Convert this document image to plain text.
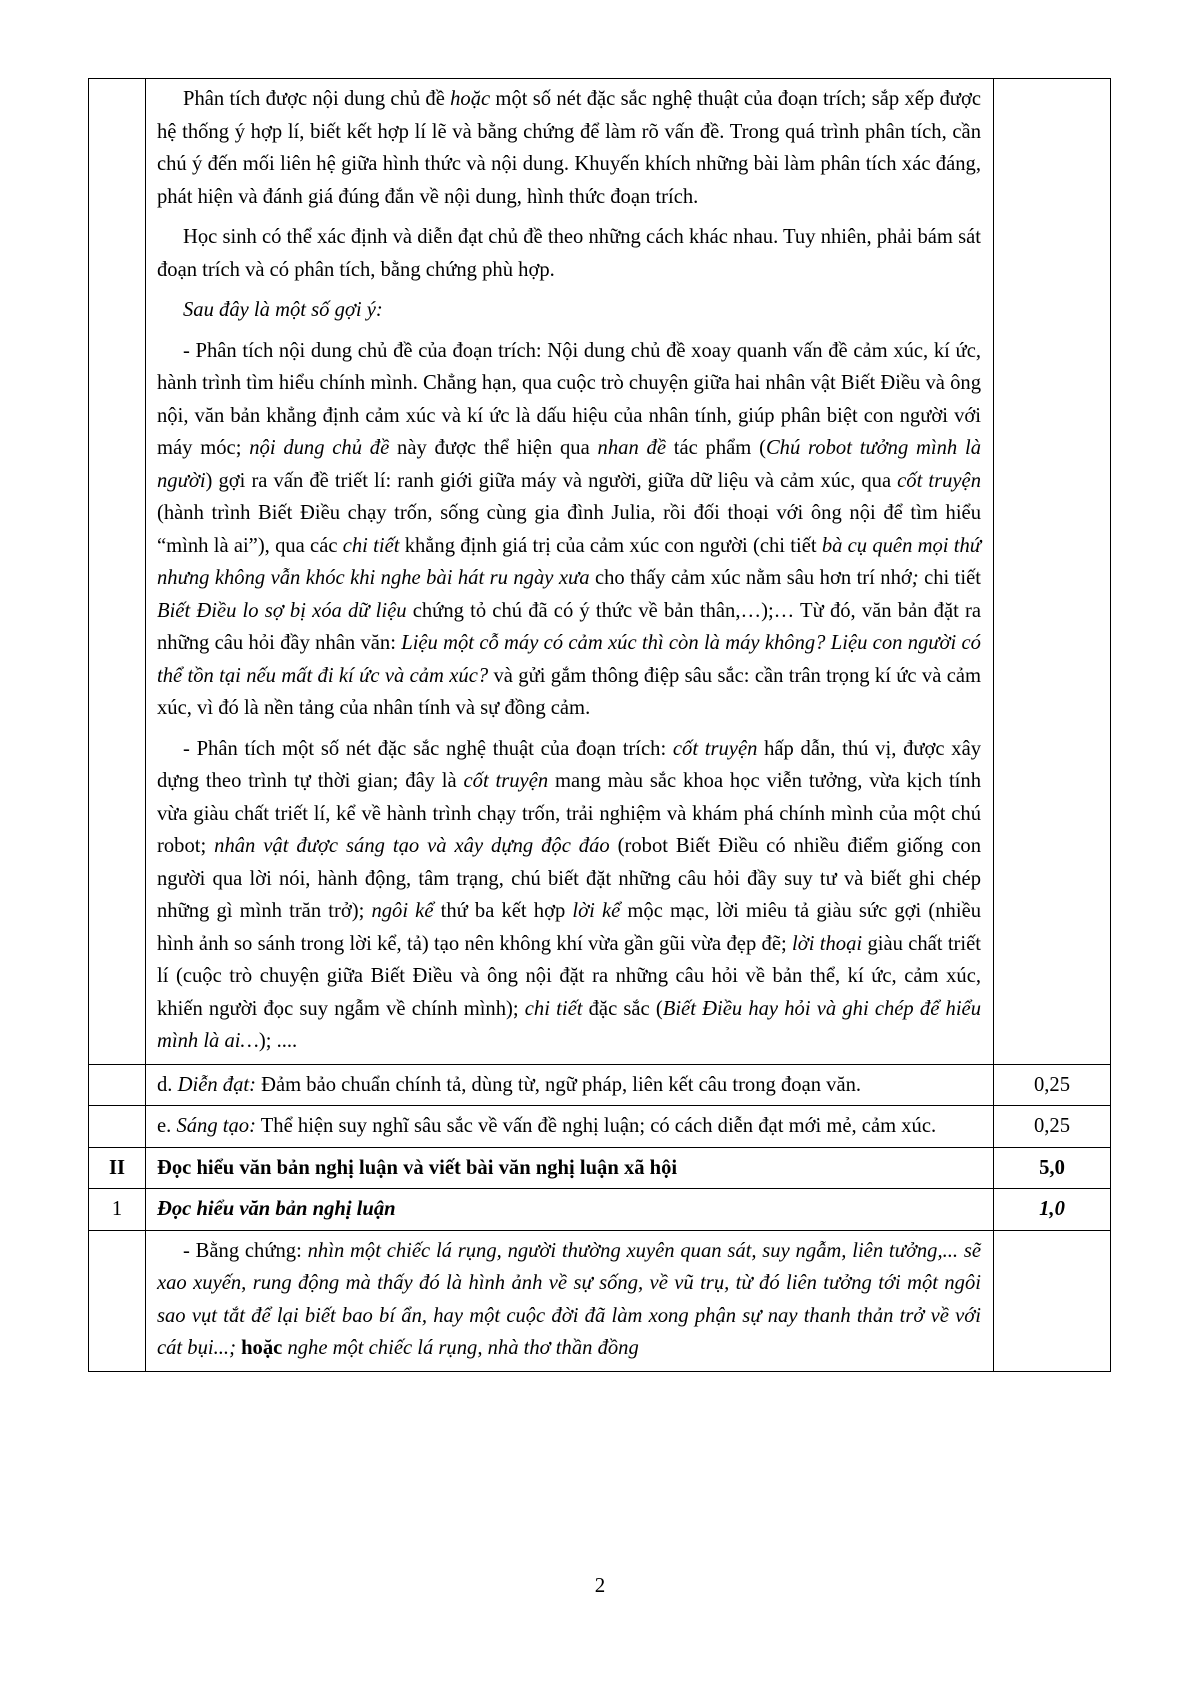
	Phân tích được nội dung chủ đề hoặc một số nét đặc sắc nghệ thuật của đoạn trích; sắp xếp được hệ thống ý hợp lí, biết kết hợp lí lẽ và bằng chứng để làm rõ vấn đề. Trong quá trình phân tích, cần chú ý đến mối liên hệ giữa hình thức và nội dung. Khuyến khích những bài làm phân tích xác đáng, phát hiện và đánh giá đúng đắn về nội dung, hình thức đoạn trích.

Học sinh có thể xác định và diễn đạt chủ đề theo những cách khác nhau. Tuy nhiên, phải bám sát đoạn trích và có phân tích, bằng chứng phù hợp.

Sau đây là một số gợi ý:

- Phân tích nội dung chủ đề của đoạn trích: Nội dung chủ đề xoay quanh vấn đề cảm xúc, kí ức, hành trình tìm hiểu chính mình. Chẳng hạn, qua cuộc trò chuyện giữa hai nhân vật Biết Điều và ông nội, văn bản khẳng định cảm xúc và kí ức là dấu hiệu của nhân tính, giúp phân biệt con người với máy móc; nội dung chủ đề này được thể hiện qua nhan đề tác phẩm (Chú robot tưởng mình là người) gợi ra vấn đề triết lí: ranh giới giữa máy và người, giữa dữ liệu và cảm xúc, qua cốt truyện (hành trình Biết Điều chạy trốn, sống cùng gia đình Julia, rồi đối thoại với ông nội để tìm hiểu “mình là ai”), qua các chi tiết khẳng định giá trị của cảm xúc con người (chi tiết bà cụ quên mọi thứ nhưng không vẫn khóc khi nghe bài hát ru ngày xưa cho thấy cảm xúc nằm sâu hơn trí nhớ; chi tiết Biết Điều lo sợ bị xóa dữ liệu chứng tỏ chú đã có ý thức về bản thân,…);… Từ đó, văn bản đặt ra những câu hỏi đầy nhân văn: Liệu một cỗ máy có cảm xúc thì còn là máy không? Liệu con người có thể tồn tại nếu mất đi kí ức và cảm xúc? và gửi gắm thông điệp sâu sắc: cần trân trọng kí ức và cảm xúc, vì đó là nền tảng của nhân tính và sự đồng cảm.

- Phân tích một số nét đặc sắc nghệ thuật của đoạn trích: cốt truyện hấp dẫn, thú vị, được xây dựng theo trình tự thời gian; đây là cốt truyện mang màu sắc khoa học viễn tưởng, vừa kịch tính vừa giàu chất triết lí, kể về hành trình chạy trốn, trải nghiệm và khám phá chính mình của một chú robot; nhân vật được sáng tạo và xây dựng độc đáo (robot Biết Điều có nhiều điểm giống con người qua lời nói, hành động, tâm trạng, chú biết đặt những câu hỏi đầy suy tư và biết ghi chép những gì mình trăn trở); ngôi kể thứ ba kết hợp lời kể mộc mạc, lời miêu tả giàu sức gợi (nhiều hình ảnh so sánh trong lời kể, tả) tạo nên không khí vừa gần gũi vừa đẹp đẽ; lời thoại giàu chất triết lí (cuộc trò chuyện giữa Biết Điều và ông nội đặt ra những câu hỏi về bản thể, kí ức, cảm xúc, khiến người đọc suy ngẫm về chính mình); chi tiết đặc sắc (Biết Điều hay hỏi và ghi chép để hiểu mình là ai…); ....	

	d. Diễn đạt: Đảm bảo chuẩn chính tả, dùng từ, ngữ pháp, liên kết câu trong đoạn văn.	0,25
	e. Sáng tạo: Thể hiện suy nghĩ sâu sắc về vấn đề nghị luận; có cách diễn đạt mới mẻ, cảm xúc.	0,25
II	Đọc hiểu văn bản nghị luận và viết bài văn nghị luận xã hội	5,0
1	Đọc hiểu văn bản nghị luận	1,0

	- Bằng chứng: nhìn một chiếc lá rụng, người thường xuyên quan sát, suy ngẫm, liên tưởng,... sẽ xao xuyến, rung động mà thấy đó là hình ảnh về sự sống, về vũ trụ, từ đó liên tưởng tới một ngôi sao vụt tắt để lại biết bao bí ẩn, hay một cuộc đời đã làm xong phận sự nay thanh thản trở về với cát bụi...; hoặc nghe một chiếc lá rụng, nhà thơ thần đồng	

2
